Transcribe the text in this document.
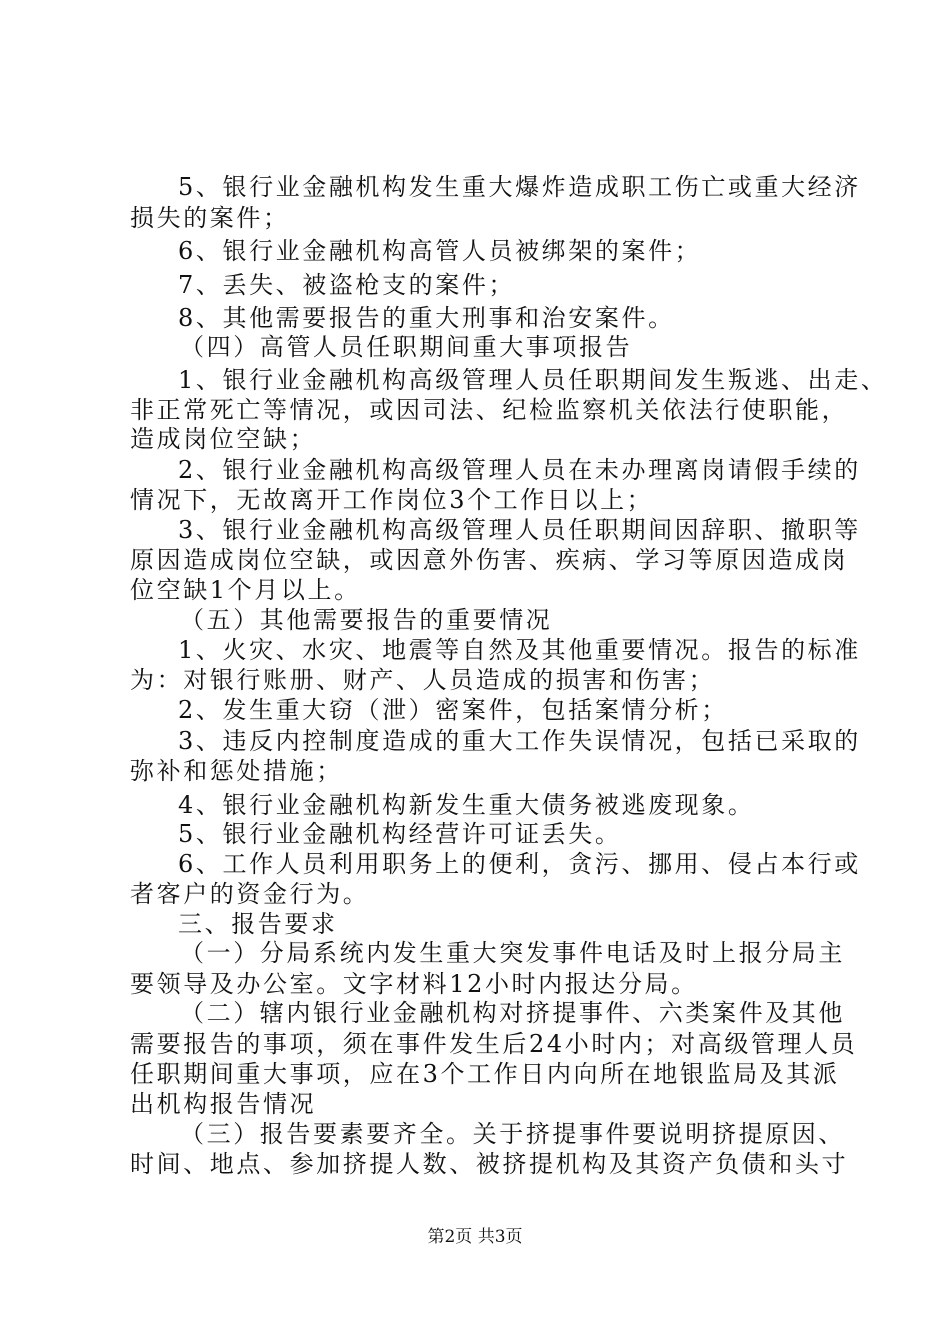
5、银行业金融机构发生重大爆炸造成职工伤亡或重大经济
损失的案件；
6、银行业金融机构高管人员被绑架的案件；
7、丢失、被盗枪支的案件；
8、其他需要报告的重大刑事和治安案件。
（四）高管人员任职期间重大事项报告
1、银行业金融机构高级管理人员任职期间发生叛逃、出走、
非正常死亡等情况，或因司法、纪检监察机关依法行使职能，
造成岗位空缺；
2、银行业金融机构高级管理人员在未办理离岗请假手续的
情况下，无故离开工作岗位3个工作日以上；
3、银行业金融机构高级管理人员任职期间因辞职、撤职等
原因造成岗位空缺，或因意外伤害、疾病、学习等原因造成岗
位空缺1个月以上。
（五）其他需要报告的重要情况
1、火灾、水灾、地震等自然及其他重要情况。报告的标准
为：对银行账册、财产、人员造成的损害和伤害；
2、发生重大窃（泄）密案件，包括案情分析；
3、违反内控制度造成的重大工作失误情况，包括已采取的
弥补和惩处措施；
4、银行业金融机构新发生重大债务被逃废现象。
5、银行业金融机构经营许可证丢失。
6、工作人员利用职务上的便利，贪污、挪用、侵占本行或
者客户的资金行为。
三、报告要求
（一）分局系统内发生重大突发事件电话及时上报分局主
要领导及办公室。文字材料12小时内报达分局。
（二）辖内银行业金融机构对挤提事件、六类案件及其他
需要报告的事项，须在事件发生后24小时内；对高级管理人员
任职期间重大事项，应在3个工作日内向所在地银监局及其派
出机构报告情况
（三）报告要素要齐全。关于挤提事件要说明挤提原因、
时间、地点、参加挤提人数、被挤提机构及其资产负债和头寸
第2页 共3页
